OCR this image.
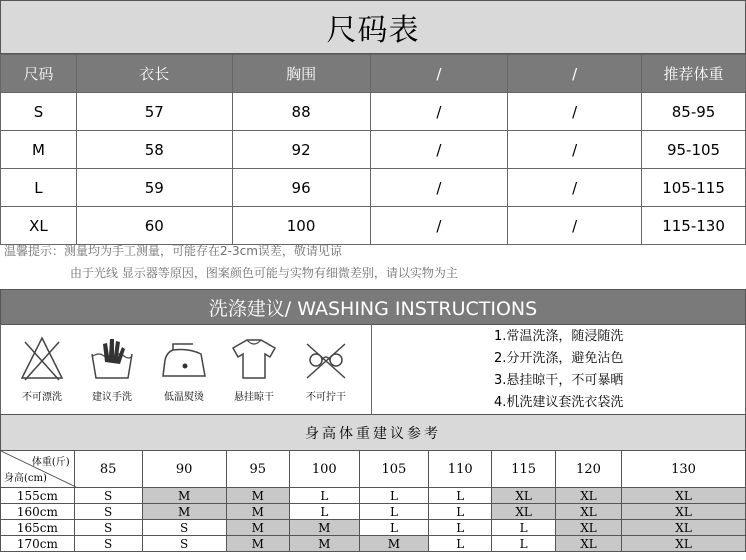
尺码表
尺码	衣长	胸围	/	/	推荐体重
S	57	88	/	/	85-95
M	58	92	/	/	95-105
L	59	96	/	/	105-115
XL	60	100	/	/	115-130
温馨提示：测量均为手工测量，可能存在2-3cm误差，敬请见谅
由于光线 显示器等原因，图案颜色可能与实物有细微差别，请以实物为主
洗涤建议/ WASHING INSTRUCTIONS
不可漂洗	建议手洗	低温熨烫	悬挂晾干	不可拧干
1.常温洗涤，随浸随洗
2.分开洗涤，避免沾色
3.悬挂晾干，不可暴晒
4.机洗建议套洗衣袋洗
身高体重建议参考
体重(斤)
身高(cm)	85	90	95	100	105	110	115	120	130
155cm	S	M	M	L	L	L	XL	XL	XL
160cm	S	M	M	L	L	L	XL	XL	XL
165cm	S	S	M	M	L	L	L	XL	XL
170cm	S	S	M	M	M	L	L	XL	XL
